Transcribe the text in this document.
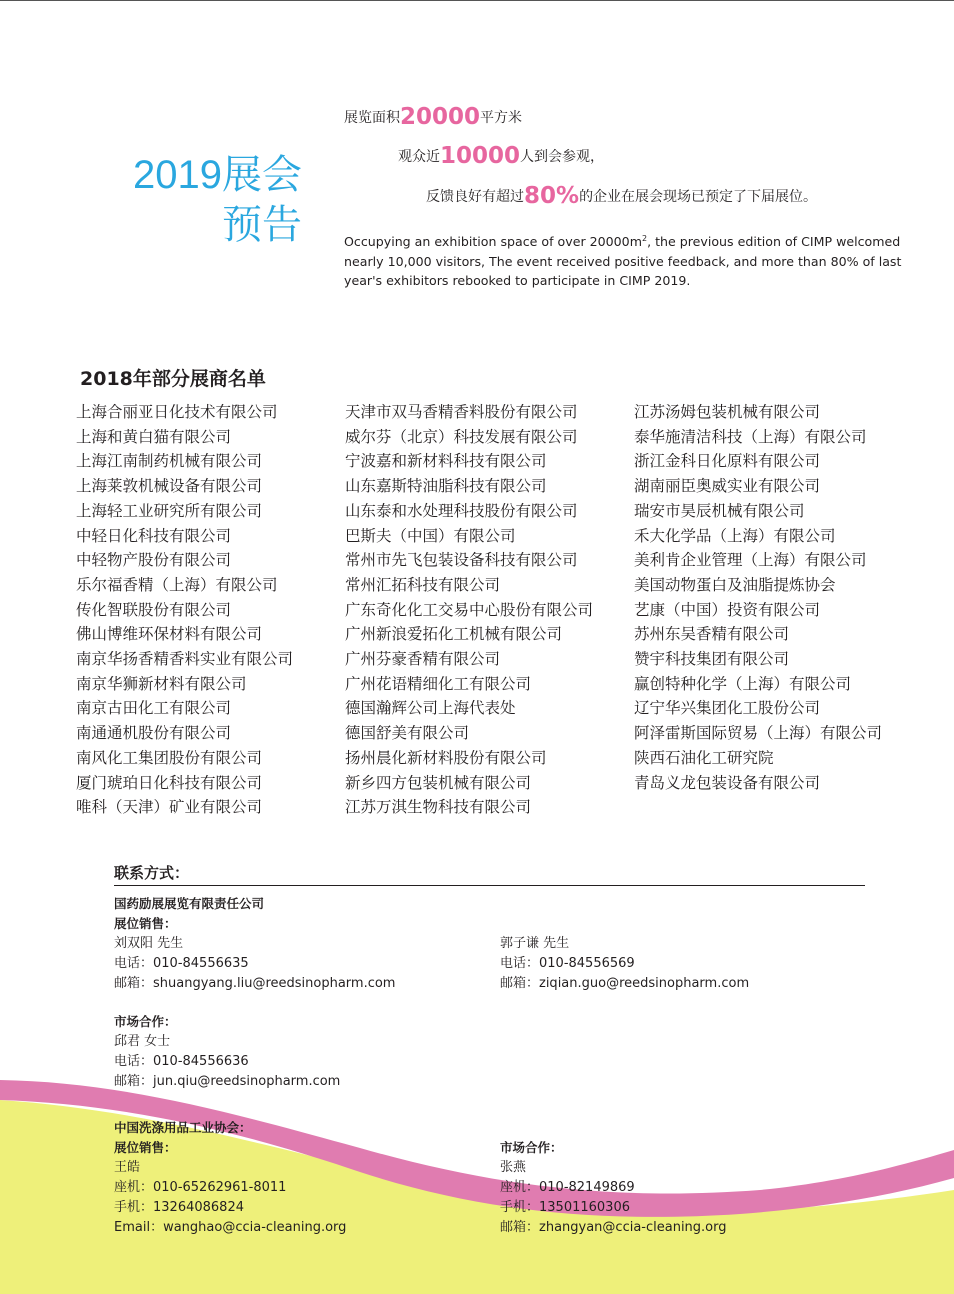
2019展会
预告
展览面积20000平方米
观众近10000人到会参观，
反馈良好有超过80%的企业在展会现场已预定了下届展位。
Occupying an exhibition space of over $20000m^2$, the previous edition of CIMP welcomed nearly 10,000 visitors, The event received positive feedback, and more than 80% of last year's exhibitors rebooked to participate in CIMP 2019.
2018年部分展商名单
上海合丽亚日化技术有限公司
上海和黄白猫有限公司
上海江南制药机械有限公司
上海莱敦机械设备有限公司
上海轻工业研究所有限公司
中轻日化科技有限公司
中轻物产股份有限公司
乐尔福香精（上海）有限公司
传化智联股份有限公司
佛山博维环保材料有限公司
南京华扬香精香料实业有限公司
南京华狮新材料有限公司
南京古田化工有限公司
南通通机股份有限公司
南风化工集团股份有限公司
厦门琥珀日化科技有限公司
唯科（天津）矿业有限公司
天津市双马香精香料股份有限公司
威尔芬（北京）科技发展有限公司
宁波嘉和新材料科技有限公司
山东嘉斯特油脂科技有限公司
山东泰和水处理科技股份有限公司
巴斯夫（中国）有限公司
常州市先飞包装设备科技有限公司
常州汇拓科技有限公司
广东奇化化工交易中心股份有限公司
广州新浪爱拓化工机械有限公司
广州芬豪香精有限公司
广州花语精细化工有限公司
德国瀚辉公司上海代表处
德国舒美有限公司
扬州晨化新材料股份有限公司
新乡四方包装机械有限公司
江苏万淇生物科技有限公司
江苏汤姆包装机械有限公司
泰华施清洁科技（上海）有限公司
浙江金科日化原料有限公司
湖南丽臣奥威实业有限公司
瑞安市昊辰机械有限公司
禾大化学品（上海）有限公司
美利肯企业管理（上海）有限公司
美国动物蛋白及油脂提炼协会
艺康（中国）投资有限公司
苏州东吴香精有限公司
赞宇科技集团有限公司
赢创特种化学（上海）有限公司
辽宁华兴集团化工股份公司
阿泽雷斯国际贸易（上海）有限公司
陕西石油化工研究院
青岛义龙包装设备有限公司
联系方式：
国药励展展览有限责任公司
展位销售：
刘双阳 先生
电话：010-84556635
邮箱：shuangyang.liu@reedsinopharm.com
郭子谦 先生
电话：010-84556569
邮箱：ziqian.guo@reedsinopharm.com
市场合作：
邱君 女士
电话：010-84556636
邮箱：jun.qiu@reedsinopharm.com
中国洗涤用品工业协会：
展位销售：
王皓
座机：010-65262961-8011
手机：13264086824
Email：wanghao@ccia-cleaning.org
市场合作：
张燕
座机：010-82149869
手机：13501160306
邮箱：zhangyan@ccia-cleaning.org
